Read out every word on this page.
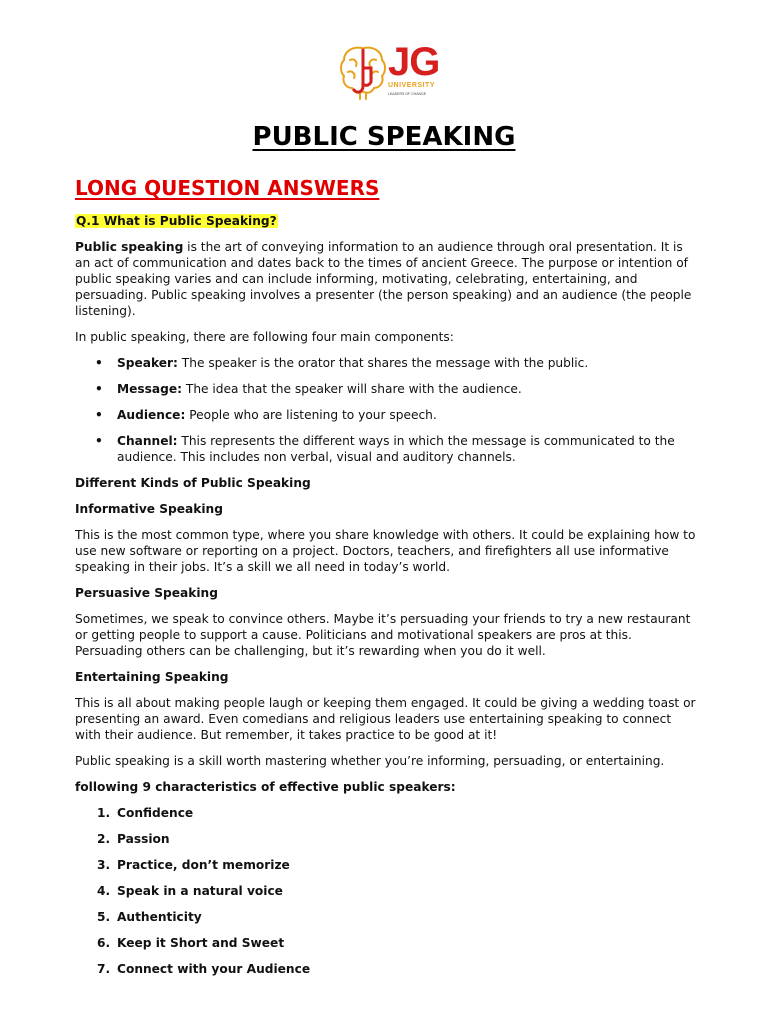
JG
UNIVERSITY
LEADERS OF CHANGE
PUBLIC SPEAKING
LONG QUESTION ANSWERS

Q.1 What is Public Speaking?

Public speaking is the art of conveying information to an audience through oral presentation. It is an act of communication and dates back to the times of ancient Greece. The purpose or intention of public speaking varies and can include informing, motivating, celebrating, entertaining, and persuading. Public speaking involves a presenter (the person speaking) and an audience (the people listening).

In public speaking, there are following four main components:

• Speaker: The speaker is the orator that shares the message with the public.
• Message: The idea that the speaker will share with the audience.
• Audience: People who are listening to your speech.
• Channel: This represents the different ways in which the message is communicated to the audience. This includes non verbal, visual and auditory channels.

Different Kinds of Public Speaking

Informative Speaking

This is the most common type, where you share knowledge with others. It could be explaining how to use new software or reporting on a project. Doctors, teachers, and firefighters all use informative speaking in their jobs. It’s a skill we all need in today’s world.

Persuasive Speaking

Sometimes, we speak to convince others. Maybe it’s persuading your friends to try a new restaurant or getting people to support a cause. Politicians and motivational speakers are pros at this. Persuading others can be challenging, but it’s rewarding when you do it well.

Entertaining Speaking

This is all about making people laugh or keeping them engaged. It could be giving a wedding toast or presenting an award. Even comedians and religious leaders use entertaining speaking to connect with their audience. But remember, it takes practice to be good at it!

Public speaking is a skill worth mastering whether you’re informing, persuading, or entertaining.

following 9 characteristics of effective public speakers:

1. Confidence
2. Passion
3. Practice, don’t memorize
4. Speak in a natural voice
5. Authenticity
6. Keep it Short and Sweet
7. Connect with your Audience
